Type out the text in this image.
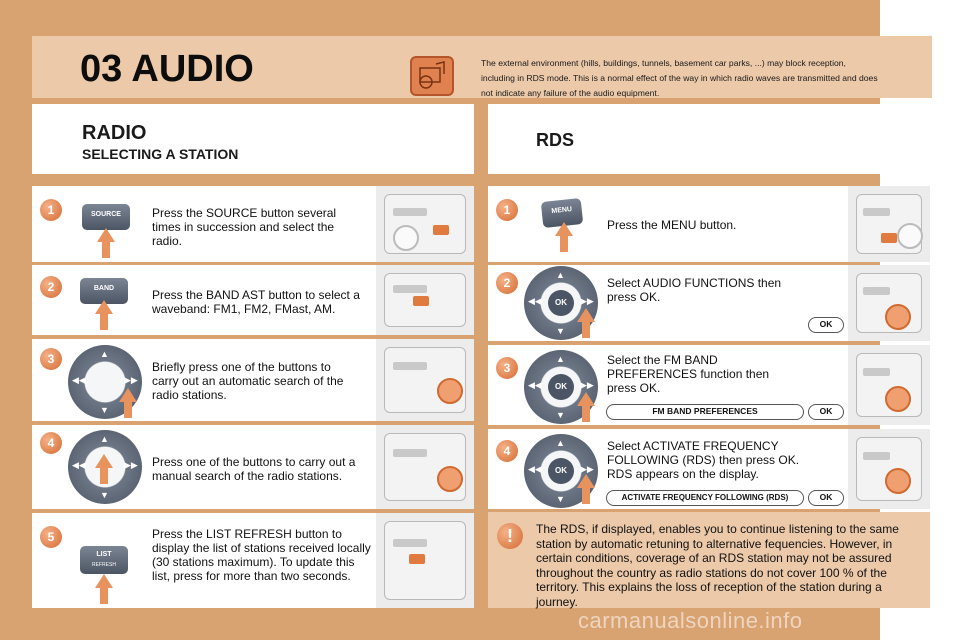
03 AUDIO	The external environment (hills, buildings, tunnels, basement car parks, ...) may block reception, including in RDS mode. This is a normal effect of the way in which radio waves are transmitted and does not indicate any failure of the audio equipment.
RADIO
SELECTING A STATION
RDS
1	SOURCE	Press the SOURCE button several times in succession and select the radio.
2	BAND	Press the BAND AST button to select a waveband: FM1, FM2, FMast, AM.
3	▲
▼
◀◀	▶▶
Briefly press one of the buttons to carry out an automatic search of the radio stations.
4	▲
▼
◀◀	▶▶ Press one of the buttons to carry out a manual search of the radio stations.
5
LIST
REFRESH
Press the LIST REFRESH button to display the list of stations received locally (30 stations maximum). To update this list, press for more than two seconds.
1	MENU
Press the MENU button.
2
▲
▼
◀◀	▶▶
OK
Select AUDIO FUNCTIONS then press OK.
OK
3
▲
▼
◀◀	▶▶
OK
Select the FM BAND PREFERENCES function then press OK.
FM BAND PREFERENCES	OK
4
▲
▼
◀◀	▶▶
OK
Select ACTIVATE FREQUENCY FOLLOWING (RDS) then press OK. RDS appears on the display.
ACTIVATE FREQUENCY FOLLOWING (RDS)	OK
!	The RDS, if displayed, enables you to continue listening to the same station by automatic retuning to alternative fequencies. However, in certain conditions, coverage of an RDS station may not be assured throughout the country as radio stations do not cover 100 % of the territory. This explains the loss of reception of the station during a journey.
carmanualsonline.info
